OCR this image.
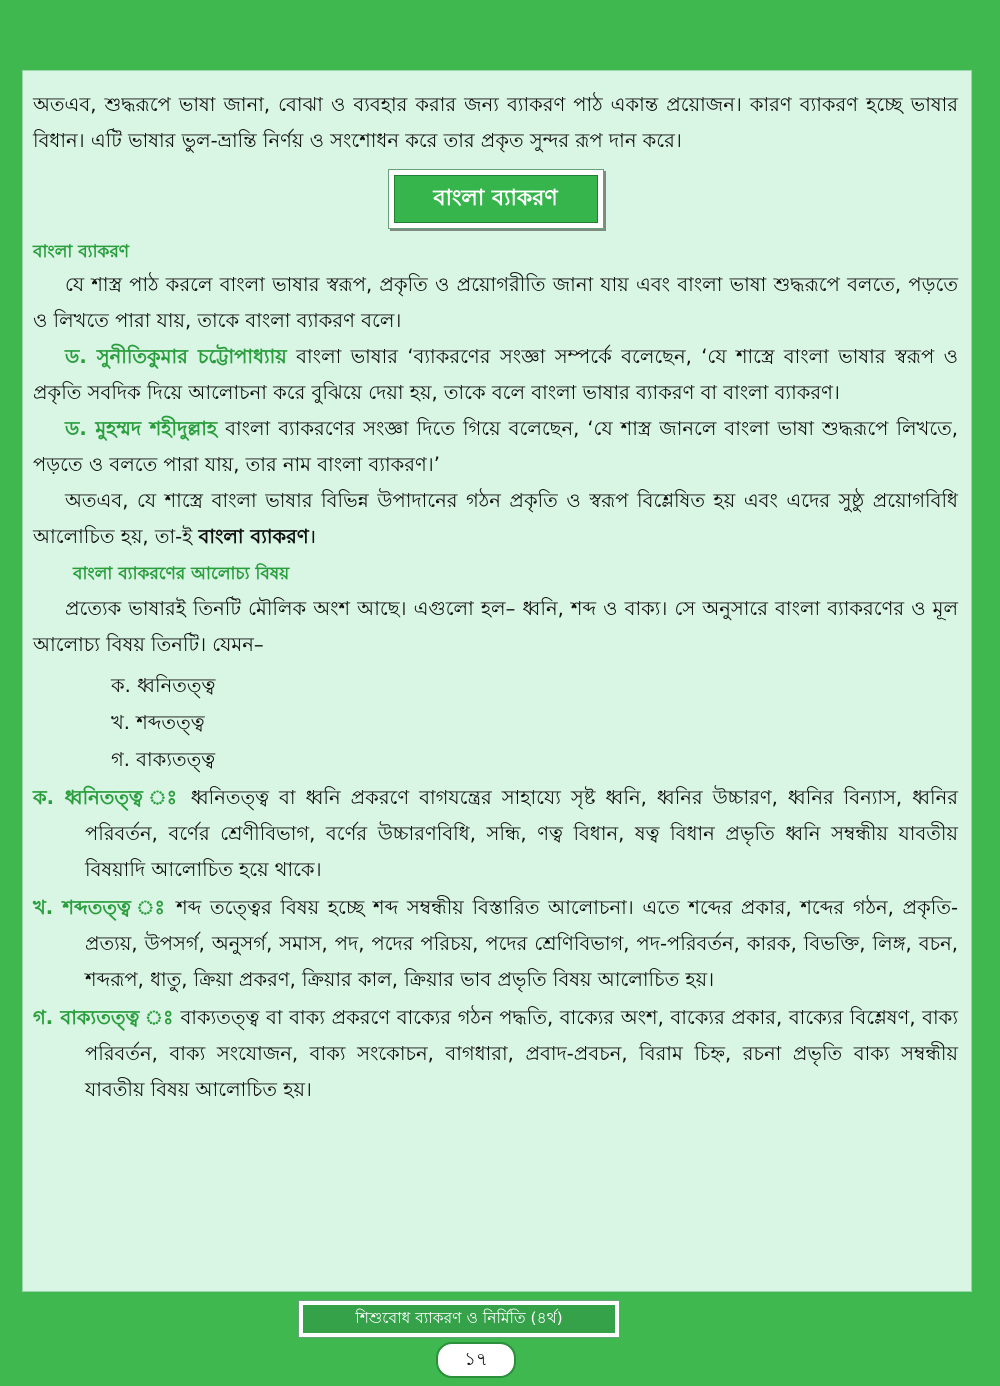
অতএব, শুদ্ধরূপে ভাষা জানা, বোঝা ও ব্যবহার করার জন্য ব্যাকরণ পাঠ একান্ত প্রয়োজন। কারণ ব্যাকরণ হচ্ছে ভাষার বিধান। এটি ভাষার ভুল-ভ্রান্তি নির্ণয় ও সংশোধন করে তার প্রকৃত সুন্দর রূপ দান করে।

বাংলা ব্যাকরণ
বাংলা ব্যাকরণ

যে শাস্ত্র পাঠ করলে বাংলা ভাষার স্বরূপ, প্রকৃতি ও প্রয়োগরীতি জানা যায় এবং বাংলা ভাষা শুদ্ধরূপে বলতে, পড়তে ও লিখতে পারা যায়, তাকে বাংলা ব্যাকরণ বলে।

ড. সুনীতিকুমার চট্টোপাধ্যায় বাংলা ভাষার ‘ব্যাকরণের সংজ্ঞা সম্পর্কে বলেছেন, ‘যে শাস্ত্রে বাংলা ভাষার স্বরূপ ও প্রকৃতি সবদিক দিয়ে আলোচনা করে বুঝিয়ে দেয়া হয়, তাকে বলে বাংলা ভাষার ব্যাকরণ বা বাংলা ব্যাকরণ।

ড. মুহম্মদ শহীদুল্লাহ বাংলা ব্যাকরণের সংজ্ঞা দিতে গিয়ে বলেছেন, ‘যে শাস্ত্র জানলে বাংলা ভাষা শুদ্ধরূপে লিখতে, পড়তে ও বলতে পারা যায়, তার নাম বাংলা ব্যাকরণ।’

অতএব, যে শাস্ত্রে বাংলা ভাষার বিভিন্ন উপাদানের গঠন প্রকৃতি ও স্বরূপ বিশ্লেষিত হয় এবং এদের সুষ্ঠু প্রয়োগবিধি আলোচিত হয়, তা-ই বাংলা ব্যাকরণ।

বাংলা ব্যাকরণের আলোচ্য বিষয়

প্রত্যেক ভাষারই তিনটি মৌলিক অংশ আছে। এগুলো হল– ধ্বনি, শব্দ ও বাক্য। সে অনুসারে বাংলা ব্যাকরণের ও মূল আলোচ্য বিষয় তিনটি। যেমন–

ক. ধ্বনিতত্ত্ব
খ. শব্দতত্ত্ব
গ. বাক্যতত্ত্ব

ক. ধ্বনিতত্ত্ব ঃ ধ্বনিতত্ত্ব বা ধ্বনি প্রকরণে বাগযন্ত্রের সাহায্যে সৃষ্ট ধ্বনি, ধ্বনির উচ্চারণ, ধ্বনির বিন্যাস, ধ্বনির পরিবর্তন, বর্ণের শ্রেণীবিভাগ, বর্ণের উচ্চারণবিধি, সন্ধি, ণত্ব বিধান, ষত্ব বিধান প্রভৃতি ধ্বনি সম্বন্ধীয় যাবতীয় বিষয়াদি আলোচিত হয়ে থাকে।

খ. শব্দতত্ত্ব ঃ শব্দ তত্ত্বের বিষয় হচ্ছে শব্দ সম্বন্ধীয় বিস্তারিত আলোচনা। এতে শব্দের প্রকার, শব্দের গঠন, প্রকৃতি-প্রত্যয়, উপসর্গ, অনুসর্গ, সমাস, পদ, পদের পরিচয়, পদের শ্রেণিবিভাগ, পদ-পরিবর্তন, কারক, বিভক্তি, লিঙ্গ, বচন, শব্দরূপ, ধাতু, ক্রিয়া প্রকরণ, ক্রিয়ার কাল, ক্রিয়ার ভাব প্রভৃতি বিষয় আলোচিত হয়।

গ. বাক্যতত্ত্ব ঃ বাক্যতত্ত্ব বা বাক্য প্রকরণে বাক্যের গঠন পদ্ধতি, বাক্যের অংশ, বাক্যের প্রকার, বাক্যের বিশ্লেষণ, বাক্য পরিবর্তন, বাক্য সংযোজন, বাক্য সংকোচন, বাগধারা, প্রবাদ-প্রবচন, বিরাম চিহ্ন, রচনা প্রভৃতি বাক্য সম্বন্ধীয় যাবতীয় বিষয় আলোচিত হয়।

শিশুবোধ ব্যাকরণ ও নির্মিতি (৪র্থ)
১৭
